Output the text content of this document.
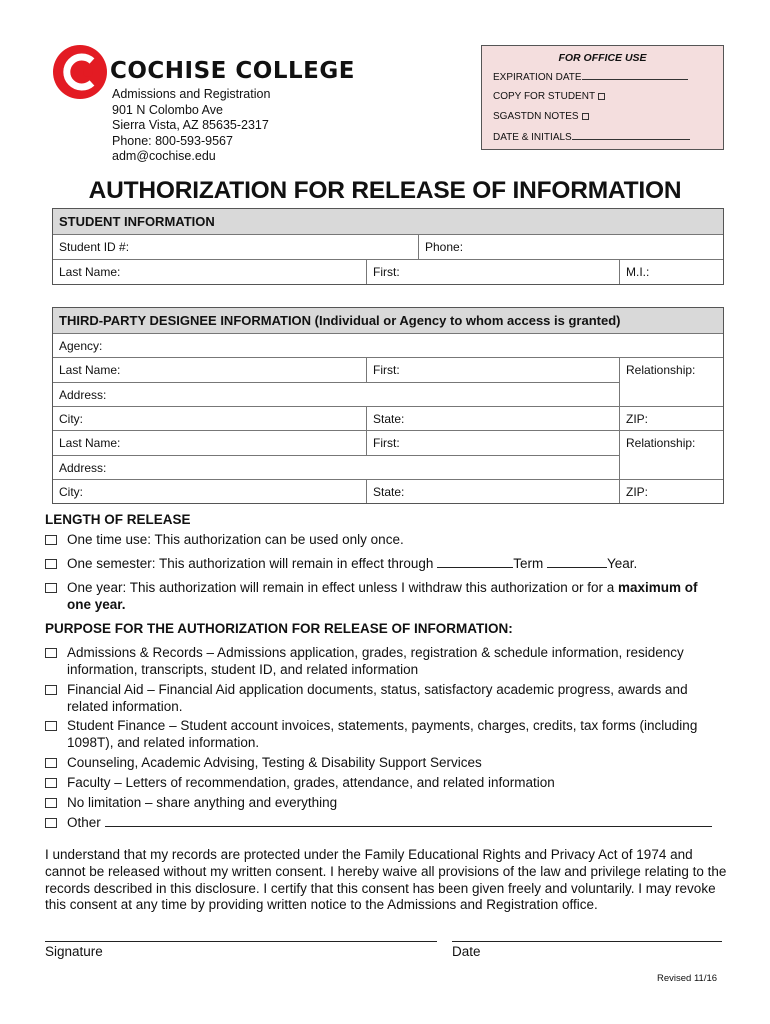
COCHISE COLLEGE
Admissions and Registration
901 N Colombo Ave
Sierra Vista, AZ 85635-2317
Phone: 800-593-9567
adm@cochise.edu
FOR OFFICE USE
EXPIRATION DATE
COPY FOR STUDENT
SGASTDN NOTES
DATE & INITIALS
AUTHORIZATION FOR RELEASE OF INFORMATION
STUDENT INFORMATION
Student ID #:	Phone:
Last Name:	First:	M.I.:
THIRD-PARTY DESIGNEE INFORMATION (Individual or Agency to whom access is granted)
Agency:
Last Name:	First:
Address:
Relationship:
City:	State:	ZIP:
Last Name:	First:
Address:
Relationship:
City:	State:	ZIP:
LENGTH OF RELEASE
One time use: This authorization can be used only once.
One semester: This authorization will remain in effect through	Term	Year.
One year: This authorization will remain in effect unless I withdraw this authorization or for a maximum of one year.
PURPOSE FOR THE AUTHORIZATION FOR RELEASE OF INFORMATION:
Admissions & Records – Admissions application, grades, registration & schedule information, residency information, transcripts, student ID, and related information
Financial Aid – Financial Aid application documents, status, satisfactory academic progress, awards and related information.
Student Finance – Student account invoices, statements, payments, charges, credits, tax forms (including 1098T), and related information.
Counseling, Academic Advising, Testing & Disability Support Services
Faculty – Letters of recommendation, grades, attendance, and related information
No limitation – share anything and everything
Other
I understand that my records are protected under the Family Educational Rights and Privacy Act of 1974 and cannot be released without my written consent. I hereby waive all provisions of the law and privilege relating to the records described in this disclosure. I certify that this consent has been given freely and voluntarily. I may revoke this consent at any time by providing written notice to the Admissions and Registration office.
Signature	Date
Revised 11/16
